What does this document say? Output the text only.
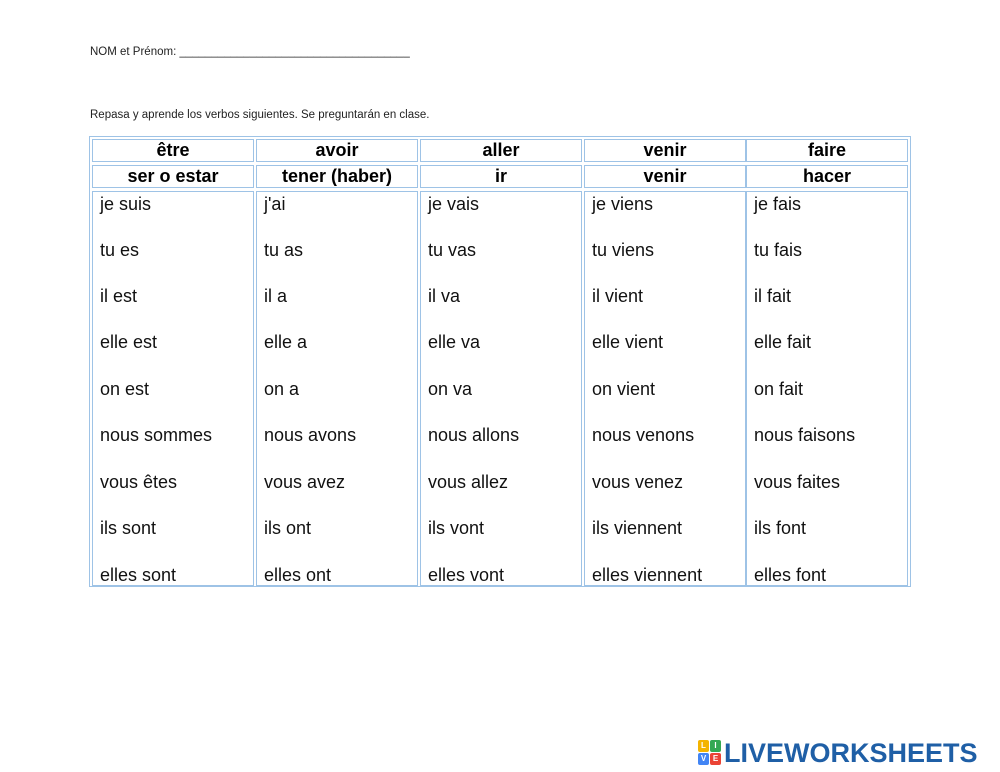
NOM et Prénom: ____________________________________
Repasa y aprende los verbos siguientes. Se preguntarán en clase.
être
ser o estar
je suis
tu es
il est
elle est
on est
nous sommes
vous êtes
ils sont
elles sont
avoir
tener (haber)
j'ai
tu as
il a
elle a
on a
nous avons
vous avez
ils ont
elles ont
aller
ir
je vais
tu vas
il va
elle va
on va
nous allons
vous allez
ils vont
elles vont
venir
venir
je viens
tu viens
il vient
elle vient
on vient
nous venons
vous venez
ils viennent
elles viennent
faire
hacer
je fais
tu fais
il fait
elle fait
on fait
nous faisons
vous faites
ils font
elles font
L	I
V E LIVEWORKSHEETS
